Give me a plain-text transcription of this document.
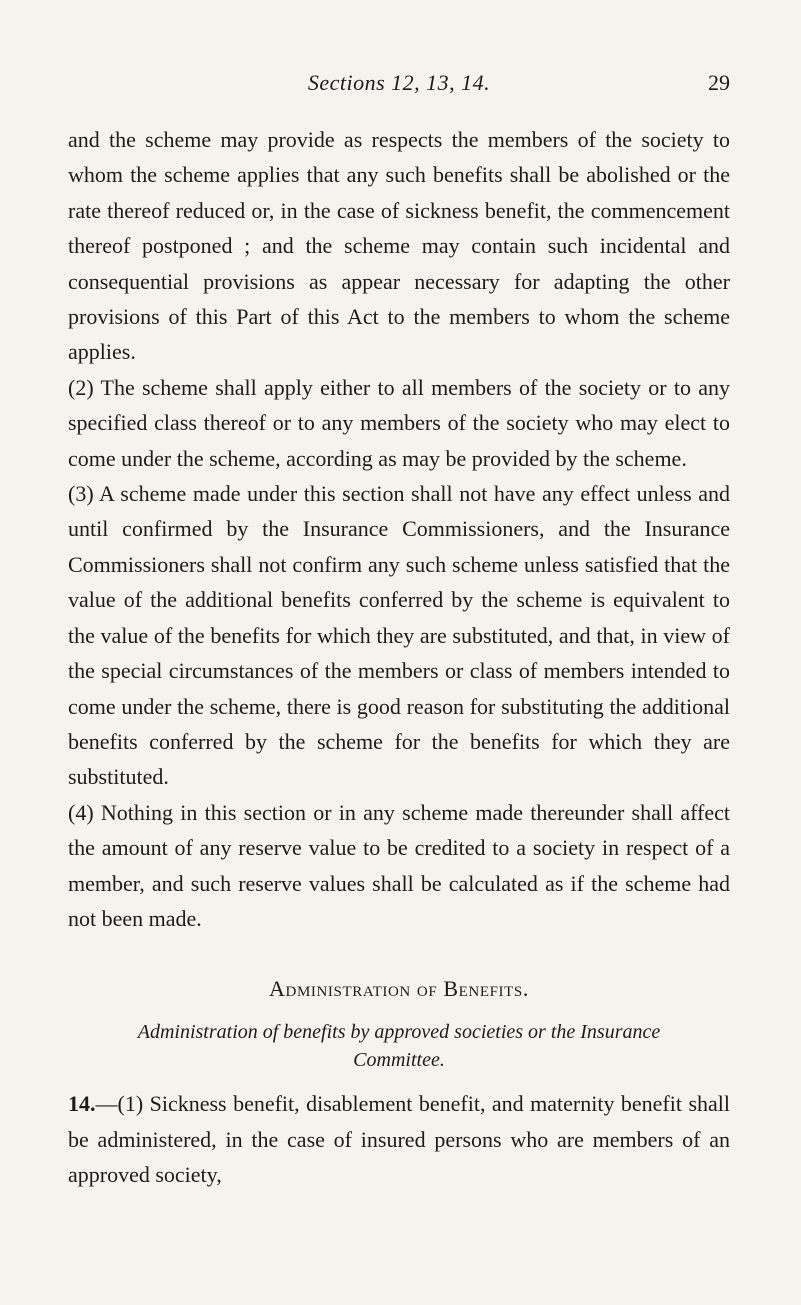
Sections 12, 13, 14.	29

and the scheme may provide as respects the members of the society to whom the scheme applies that any such benefits shall be abolished or the rate thereof reduced or, in the case of sickness benefit, the commencement thereof postponed ; and the scheme may contain such incidental and consequential provisions as appear necessary for adapting the other provisions of this Part of this Act to the members to whom the scheme applies.

(2) The scheme shall apply either to all members of the society or to any specified class thereof or to any members of the society who may elect to come under the scheme, according as may be provided by the scheme.

(3) A scheme made under this section shall not have any effect unless and until confirmed by the Insurance Commissioners, and the Insurance Commissioners shall not confirm any such scheme unless satisfied that the value of the additional benefits conferred by the scheme is equivalent to the value of the benefits for which they are substituted, and that, in view of the special circumstances of the members or class of members intended to come under the scheme, there is good reason for substituting the additional benefits conferred by the scheme for the benefits for which they are substituted.

(4) Nothing in this section or in any scheme made thereunder shall affect the amount of any reserve value to be credited to a society in respect of a member, and such reserve values shall be calculated as if the scheme had not been made.

Administration of Benefits.
Administration of benefits by approved societies or the Insurance Committee.

14.—(1) Sickness benefit, disablement benefit, and maternity benefit shall be administered, in the case of insured persons who are members of an approved society,
